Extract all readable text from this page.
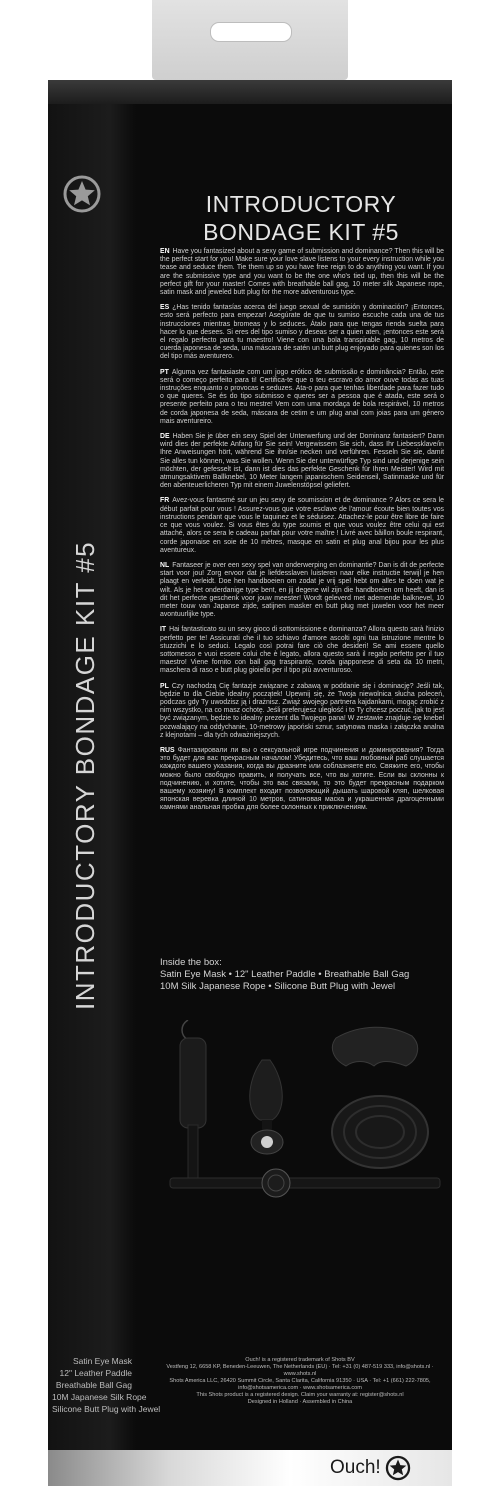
INTRODUCTORY BONDAGE KIT #5
Satin Eye Mask
12" Leather Paddle
Breathable Ball Gag
10M Japanese Silk Rope
Silicone Butt Plug with Jewel
INTRODUCTORY
BONDAGE KIT #5

EN Have you fantasized about a sexy game of submission and dominance? Then this will be the perfect start for you! Make sure your love slave listens to your every instruction while you tease and seduce them. Tie them up so you have free reign to do anything you want. If you are the submissive type and you want to be the one who's tied up, then this will be the perfect gift for your master! Comes with breathable ball gag, 10 meter silk Japanese rope, satin mask and jeweled butt plug for the more adventurous type.

ES ¿Has tenido fantasías acerca del juego sexual de sumisión y dominación? ¡Entonces, esto será perfecto para empezar! Asegúrate de que tu sumiso escuche cada una de tus instrucciones mientras bromeas y lo seduces. Átalo para que tengas rienda suelta para hacer lo que desees. Si eres del tipo sumiso y deseas ser a quien aten, ¡entonces este será el regalo perfecto para tu maestro! Viene con una bola transpirable gag, 10 metros de cuerda japonesa de seda, una máscara de satén un butt plug enjoyado para quienes son los del tipo más aventurero.

PT Alguma vez fantasiaste com um jogo erótico de submissão e dominância? Então, este será o começo perfeito para ti! Certifica-te que o teu escravo do amor ouve todas as tuas instruções enquanto o provocas e seduzes. Ata-o para que tenhas liberdade para fazer tudo o que queres. Se és do tipo submisso e queres ser a pessoa que é atada, este será o presente perfeito para o teu mestre! Vem com uma mordaça de bola respirável, 10 metros de corda japonesa de seda, máscara de cetim e um plug anal com joias para um género mais aventureiro.

DE Haben Sie je über ein sexy Spiel der Unterwerfung und der Dominanz fantasiert? Dann wird dies der perfekte Anfang für Sie sein! Vergewissern Sie sich, dass Ihr Liebessklave/in Ihre Anweisungen hört, während Sie ihn/sie necken und verführen. Fesseln Sie sie, damit Sie alles tun können, was Sie wollen. Wenn Sie der unterwürfige Typ sind und derjenige sein möchten, der gefesselt ist, dann ist dies das perfekte Geschenk für Ihren Meister! Wird mit atmungsaktivem Ballknebel, 10 Meter langem japanischem Seidenseil, Satinmaske und für den abenteuerlicheren Typ mit einem Juwelenstöpsel geliefert.

FR Avez-vous fantasmé sur un jeu sexy de soumission et de dominance ? Alors ce sera le début parfait pour vous ! Assurez-vous que votre esclave de l'amour écoute bien toutes vos instructions pendant que vous le taquinez et le séduisez. Attachez-le pour être libre de faire ce que vous voulez. Si vous êtes du type soumis et que vous voulez être celui qui est attaché, alors ce sera le cadeau parfait pour votre maître ! Livré avec bâillon boule respirant, corde japonaise en soie de 10 mètres, masque en satin et plug anal bijou pour les plus aventureux.

NL Fantaseer je over een sexy spel van onderwerping en dominantie? Dan is dit de perfecte start voor jou! Zorg ervoor dat je liefdesslaven luisteren naar elke instructie terwijl je hen plaagt en verleidt. Doe hen handboeien om zodat je vrij spel hebt om alles te doen wat je wilt. Als je het onderdanige type bent, en jij degene wil zijn die handboeien om heeft, dan is dit het perfecte geschenk voor jouw meester! Wordt geleverd met ademende balknevel, 10 meter touw van Japanse zijde, satijnen masker en butt plug met juwelen voor het meer avontuurlijke type.

IT Hai fantasticato su un sexy gioco di sottomissione e dominanza? Allora questo sarà l'inizio perfetto per te! Assicurati che il tuo schiavo d'amore ascolti ogni tua istruzione mentre lo stuzzichi e lo seduci. Legalo così potrai fare ciò che desideri! Se ami essere quello sottomesso e vuoi essere colui che è legato, allora questo sarà il regalo perfetto per il tuo maestro! Viene fornito con ball gag traspirante, corda giapponese di seta da 10 metri, maschera di raso e butt plug gioiello per il tipo più avventuroso.

PL Czy nachodzą Cię fantazje związane z zabawą w poddanie się i dominację? Jeśli tak, będzie to dla Ciebie idealny początek! Upewnij się, że Twoja niewolnica słucha poleceń, podczas gdy Ty uwodzisz ją i drażnisz. Zwiąż swojego partnera kajdankami, mogąc zrobić z nim wszystko, na co masz ochotę. Jeśli preferujesz uległość i to Ty chcesz poczuć, jak to jest być związanym, będzie to idealny prezent dla Twojego pana! W zestawie znajduje się knebel pozwalający na oddychanie, 10-metrowy japoński sznur, satynowa maska i załączka analna z klejnotami – dla tych odważniejszych.

RUS Фантазировали ли вы о сексуальной игре подчинения и доминирования? Тогда это будет для вас прекрасным началом! Убедитесь, что ваш любовный раб слушается каждого вашего указания, когда вы дразните или соблазняете его. Свяжите его, чтобы можно было свободно править, и получать все, что вы хотите. Если вы склонны к подчинению, и хотите, чтобы это вас связали, то это будет прекрасным подарком вашему хозяину! В комплект входит позволяющий дышать шаровой кляп, шелковая японская веревка длиной 10 метров, сатиновая маска и украшенная драгоценными камнями анальная пробка для более склонных к приключениям.

Inside the box:
Satin Eye Mask • 12" Leather Paddle • Breathable Ball Gag
10M Silk Japanese Rope • Silicone Butt Plug with Jewel
Ouch! is a registered trademark of Shots BV
Vestfeng 12, 6658 KP, Beneden-Leeuwen, The Netherlands (EU) · Tel: +31 (0) 487-519 333, info@shots.nl · www.shots.nl
Shots America LLC, 26420 Summit Circle, Santa Clarita, California 91350 · USA · Tel: +1 (661) 222-7805,
info@shotsamerica.com · www.shotsamerica.com
This Shots product is a registered design. Claim your warranty at: register@shots.nl
Designed in Holland · Assembled in China
Ouch!
